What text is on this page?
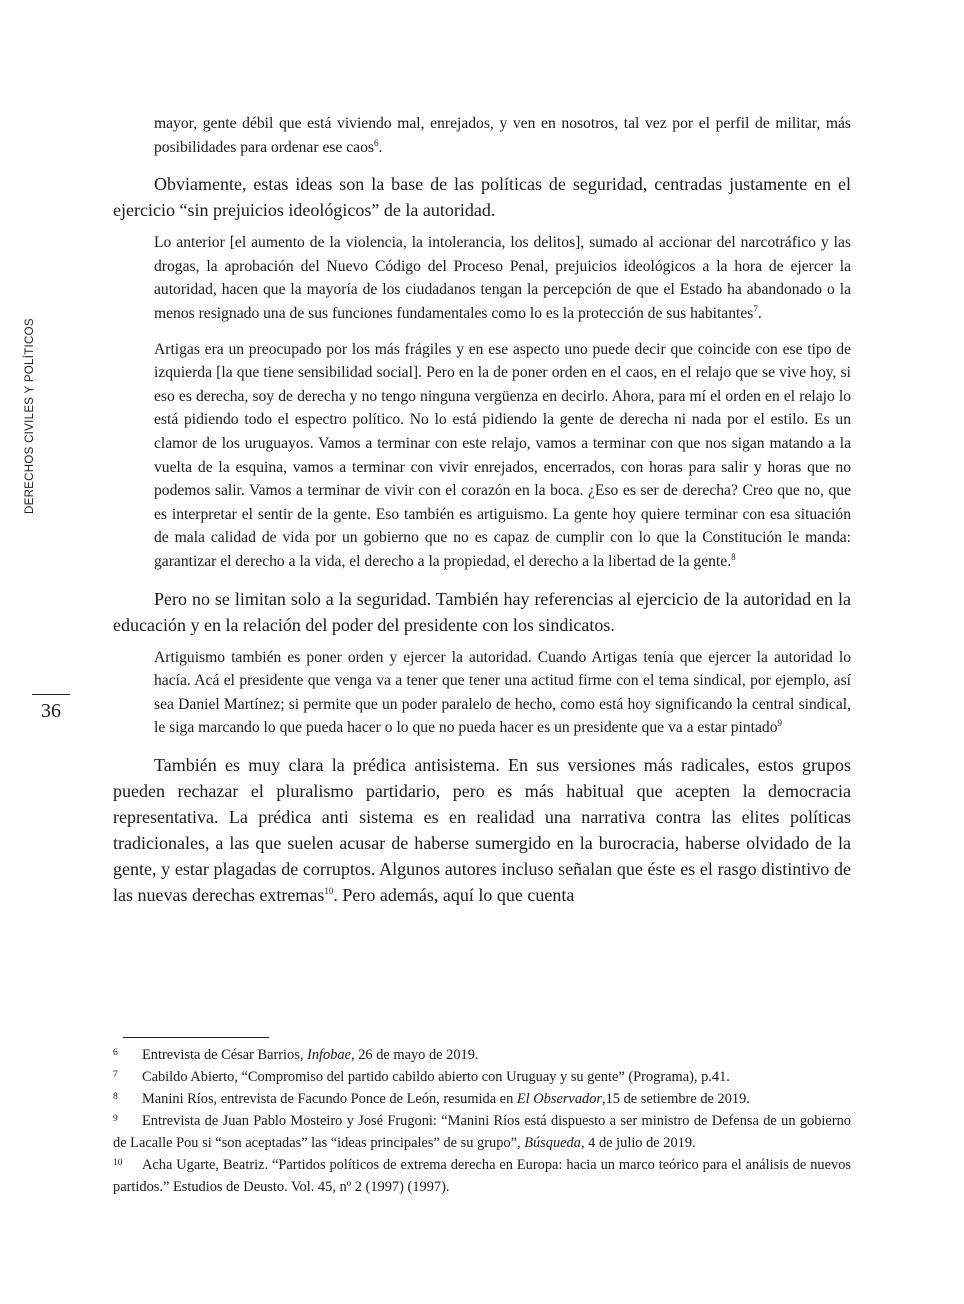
DERECHOS CIVILES Y POLÍTICOS
36

mayor, gente débil que está viviendo mal, enrejados, y ven en nosotros, tal vez por el perfil de militar, más posibilidades para ordenar ese caos$^6$.

Obviamente, estas ideas son la base de las políticas de seguridad, centradas justamente en el ejercicio “sin prejuicios ideológicos” de la autoridad.

Lo anterior [el aumento de la violencia, la intolerancia, los delitos], sumado al accionar del narcotráfico y las drogas, la aprobación del Nuevo Código del Proceso Penal, prejuicios ideológicos a la hora de ejercer la autoridad, hacen que la mayoría de los ciudadanos tengan la percepción de que el Estado ha abandonado o la menos resignado una de sus funciones fundamentales como lo es la protección de sus habitantes$^7$.

Artigas era un preocupado por los más frágiles y en ese aspecto uno puede decir que coincide con ese tipo de izquierda [la que tiene sensibilidad social]. Pero en la de poner orden en el caos, en el relajo que se vive hoy, si eso es derecha, soy de derecha y no tengo ninguna vergüenza en decirlo. Ahora, para mí el orden en el relajo lo está pidiendo todo el espectro político. No lo está pidiendo la gente de derecha ni nada por el estilo. Es un clamor de los uruguayos. Vamos a terminar con este relajo, vamos a terminar con que nos sigan matando a la vuelta de la esquina, vamos a terminar con vivir enrejados, encerrados, con horas para salir y horas que no podemos salir. Vamos a terminar de vivir con el corazón en la boca. ¿Eso es ser de derecha? Creo que no, que es interpretar el sentir de la gente. Eso también es artiguismo. La gente hoy quiere terminar con esa situación de mala calidad de vida por un gobierno que no es capaz de cumplir con lo que la Constitución le manda: garantizar el derecho a la vida, el derecho a la propiedad, el derecho a la libertad de la gente.$^8$

Pero no se limitan solo a la seguridad. También hay referencias al ejercicio de la autoridad en la educación y en la relación del poder del presidente con los sindicatos.

Artiguismo también es poner orden y ejercer la autoridad. Cuando Artigas tenía que ejercer la autoridad lo hacía. Acá el presidente que venga va a tener que tener una actitud firme con el tema sindical, por ejemplo, así sea Daniel Martínez; si permite que un poder paralelo de hecho, como está hoy significando la central sindical, le siga marcando lo que pueda hacer o lo que no pueda hacer es un presidente que va a estar pintado$^9$

También es muy clara la prédica antisistema. En sus versiones más radicales, estos grupos pueden rechazar el pluralismo partidario, pero es más habitual que acepten la democracia representativa. La prédica anti sistema es en realidad una narrativa contra las elites políticas tradicionales, a las que suelen acusar de haberse sumergido en la burocracia, haberse olvidado de la gente, y estar plagadas de corruptos. Algunos autores incluso señalan que éste es el rasgo distintivo de las nuevas derechas extremas$^{10}$. Pero además, aquí lo que cuenta

6 Entrevista de César Barrios, Infobae, 26 de mayo de 2019.

7 Cabildo Abierto, “Compromiso del partido cabildo abierto con Uruguay y su gente” (Programa), p.41.

8 Manini Ríos, entrevista de Facundo Ponce de León, resumida en El Observador,15 de setiembre de 2019.

9 Entrevista de Juan Pablo Mosteiro y José Frugoni: “Manini Ríos está dispuesto a ser ministro de Defensa de un gobierno de Lacalle Pou si “son aceptadas” las “ideas principales” de su grupo”, Búsqueda, 4 de julio de 2019.

10 Acha Ugarte, Beatriz. “Partidos políticos de extrema derecha en Europa: hacia un marco teórico para el análisis de nuevos partidos.” Estudios de Deusto. Vol. 45, nº 2 (1997) (1997).
